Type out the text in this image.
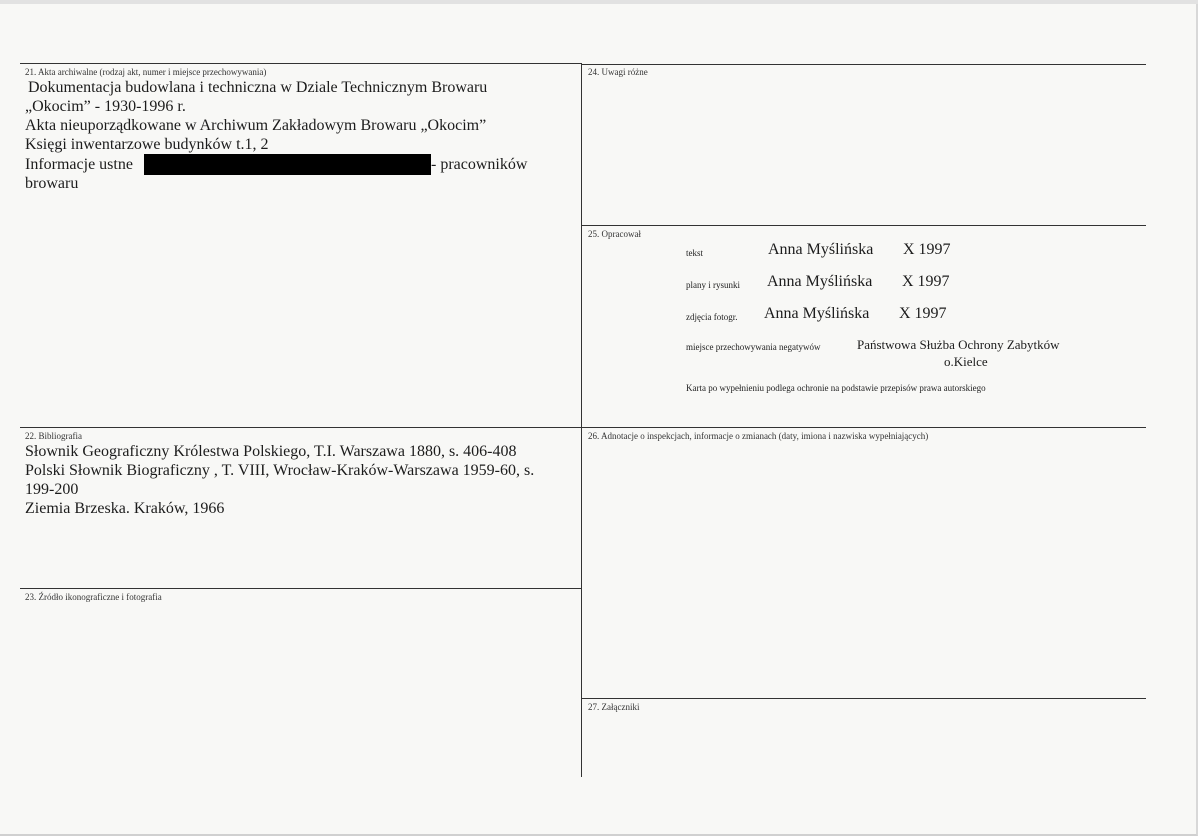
21. Akta archiwalne (rodzaj akt, numer i miejsce przechowywania)
Dokumentacja budowlana i techniczna w Dziale Technicznym Browaru
„Okocim” - 1930-1996 r.
Akta nieuporządkowane w Archiwum Zakładowym Browaru „Okocim”
Księgi inwentarzowe budynków t.1, 2
Informacje ustne	- pracowników
browaru
24. Uwagi różne
25. Opracował
tekst	Anna Myślińska X 1997
plany i rysunki Anna Myślińska X 1997
zdjęcia fotogr. Anna Myślińska X 1997
miejsce przechowywania negatywów	Państwowa Służba Ochrony Zabytków
o.Kielce
Karta po wypełnieniu podlega ochronie na podstawie przepisów prawa autorskiego
22. Bibliografia
Słownik Geograficzny Królestwa Polskiego, T.I. Warszawa 1880, s. 406-408
Polski Słownik Biograficzny , T. VIII, Wrocław-Kraków-Warszawa 1959-60, s.
199-200
Ziemia Brzeska. Kraków, 1966
26. Adnotacje o inspekcjach, informacje o zmianach (daty, imiona i nazwiska wypełniających)
23. Źródło ikonograficzne i fotografia
27. Załączniki
